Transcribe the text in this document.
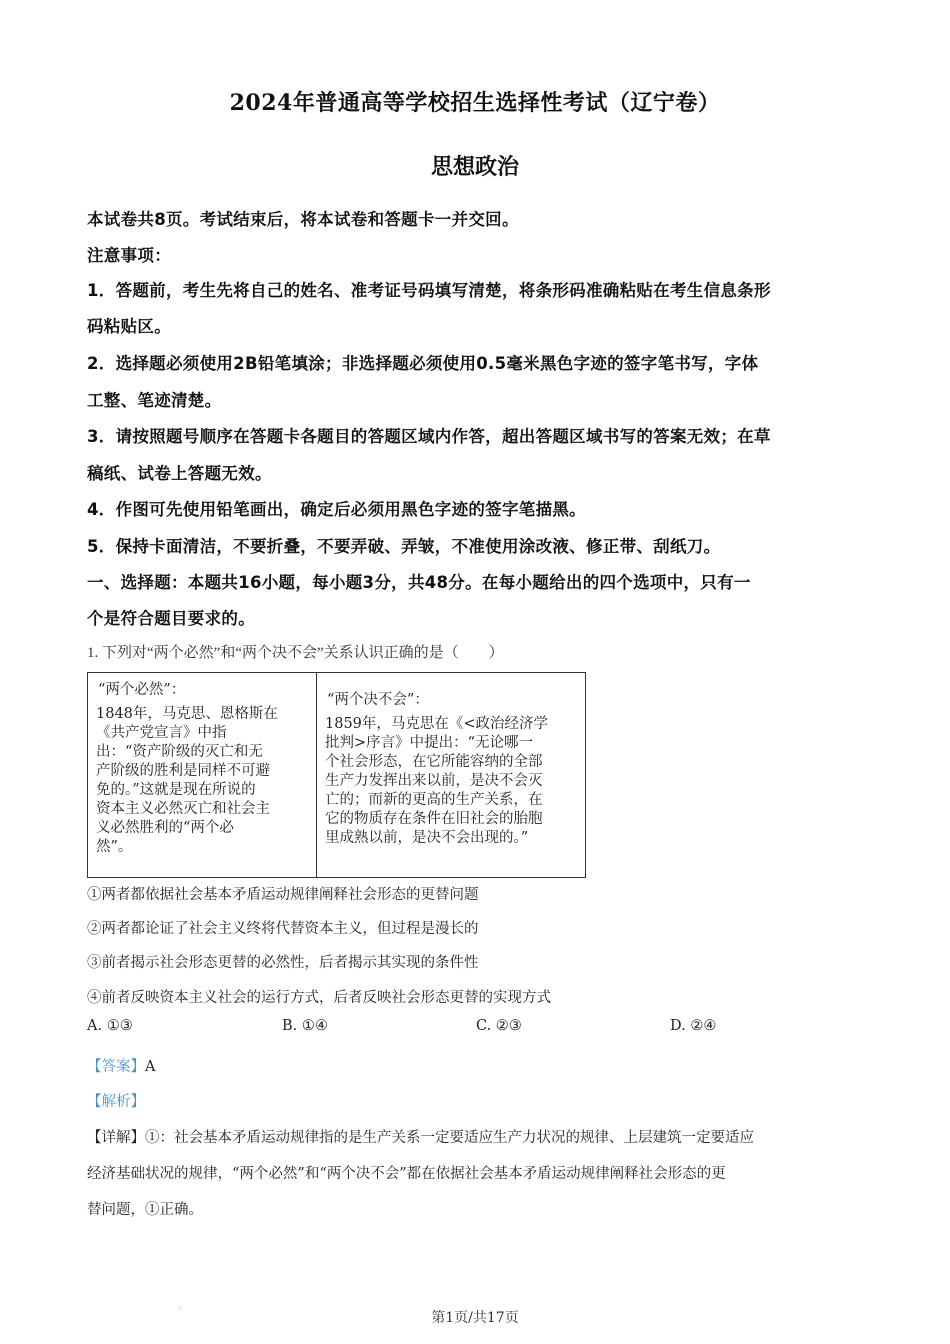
2024年普通高等学校招生选择性考试（辽宁卷）
思想政治
本试卷共8页。考试结束后，将本试卷和答题卡一并交回。
注意事项：
1．答题前，考生先将自己的姓名、准考证号码填写清楚，将条形码准确粘贴在考生信息条形
码粘贴区。
2．选择题必须使用2B铅笔填涂；非选择题必须使用0.5毫米黑色字迹的签字笔书写，字体
工整、笔迹清楚。
3．请按照题号顺序在答题卡各题目的答题区域内作答，超出答题区域书写的答案无效；在草
稿纸、试卷上答题无效。
4．作图可先使用铅笔画出，确定后必须用黑色字迹的签字笔描黑。
5．保持卡面清洁，不要折叠，不要弄破、弄皱，不准使用涂改液、修正带、刮纸刀。
一、选择题：本题共16小题，每小题3分，共48分。在每小题给出的四个选项中，只有一
个是符合题目要求的。
1. 下列对“两个必然”和“两个决不会”关系认识正确的是（　　）
“两个必然”：
1848年，马克思、恩格斯在
《共产党宣言》中指
出：“资产阶级的灭亡和无
产阶级的胜利是同样不可避
免的。”这就是现在所说的
资本主义必然灭亡和社会主
义必然胜利的“两个必
然”。

“两个决不会”：
1859年，马克思在《<政治经济学
批判>序言》中提出：“无论哪一
个社会形态，在它所能容纳的全部
生产力发挥出来以前，是决不会灭
亡的；而新的更高的生产关系，在
它的物质存在条件在旧社会的胎胞
里成熟以前，是决不会出现的。”
①两者都依据社会基本矛盾运动规律阐释社会形态的更替问题
②两者都论证了社会主义终将代替资本主义，但过程是漫长的
③前者揭示社会形态更替的必然性，后者揭示其实现的条件性
④前者反映资本主义社会的运行方式，后者反映社会形态更替的实现方式
A. ①③	B. ①④	C. ②③	D. ②④
【答案】A
【解析】
【详解】①：社会基本矛盾运动规律指的是生产关系一定要适应生产力状况的规律、上层建筑一定要适应
经济基础状况的规律，“两个必然”和“两个决不会”都在依据社会基本矛盾运动规律阐释社会形态的更
替问题，①正确。
第1页/共17页
